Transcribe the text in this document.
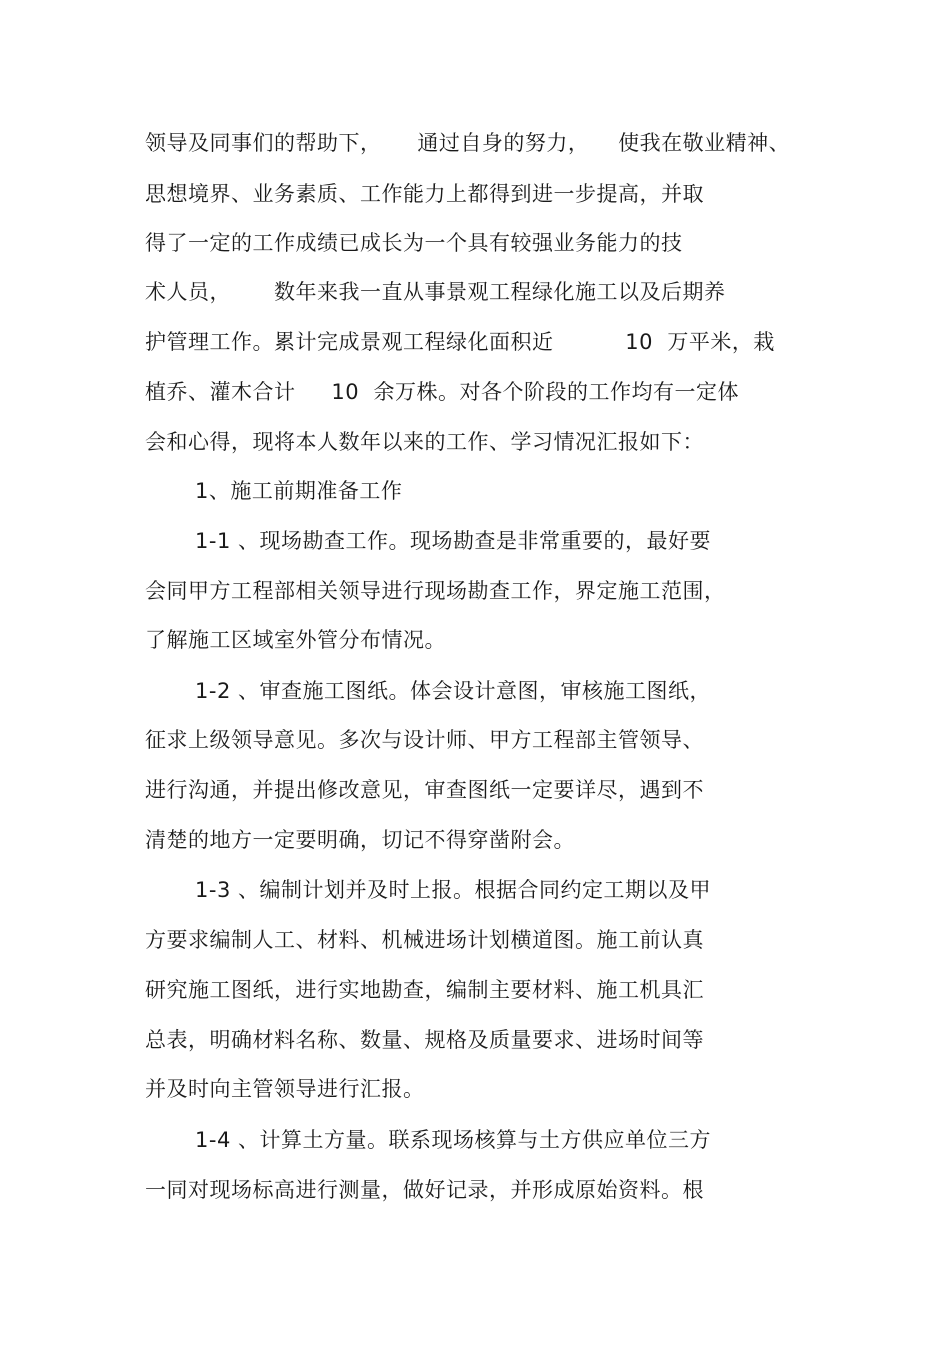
领导及同事们的帮助下，     通过自身的努力，    使我在敬业精神、
思想境界、业务素质、工作能力上都得到进一步提高，并取
得了一定的工作成绩已成长为一个具有较强业务能力的技
术人员，      数年来我一直从事景观工程绿化施工以及后期养
护管理工作。累计完成景观工程绿化面积近          10  万平米，栽
植乔、灌木合计     10  余万株。对各个阶段的工作均有一定体
会和心得，现将本人数年以来的工作、学习情况汇报如下：
1、施工前期准备工作
1-1 、现场勘查工作。现场勘查是非常重要的，最好要
会同甲方工程部相关领导进行现场勘查工作，界定施工范围，
了解施工区域室外管分布情况。
1-2 、审查施工图纸。体会设计意图，审核施工图纸，
征求上级领导意见。多次与设计师、甲方工程部主管领导、
进行沟通，并提出修改意见，审查图纸一定要详尽，遇到不
清楚的地方一定要明确，切记不得穿凿附会。
1-3 、编制计划并及时上报。根据合同约定工期以及甲
方要求编制人工、材料、机械进场计划横道图。施工前认真
研究施工图纸，进行实地勘查，编制主要材料、施工机具汇
总表，明确材料名称、数量、规格及质量要求、进场时间等
并及时向主管领导进行汇报。
1-4 、计算土方量。联系现场核算与土方供应单位三方
一同对现场标高进行测量，做好记录，并形成原始资料。根
